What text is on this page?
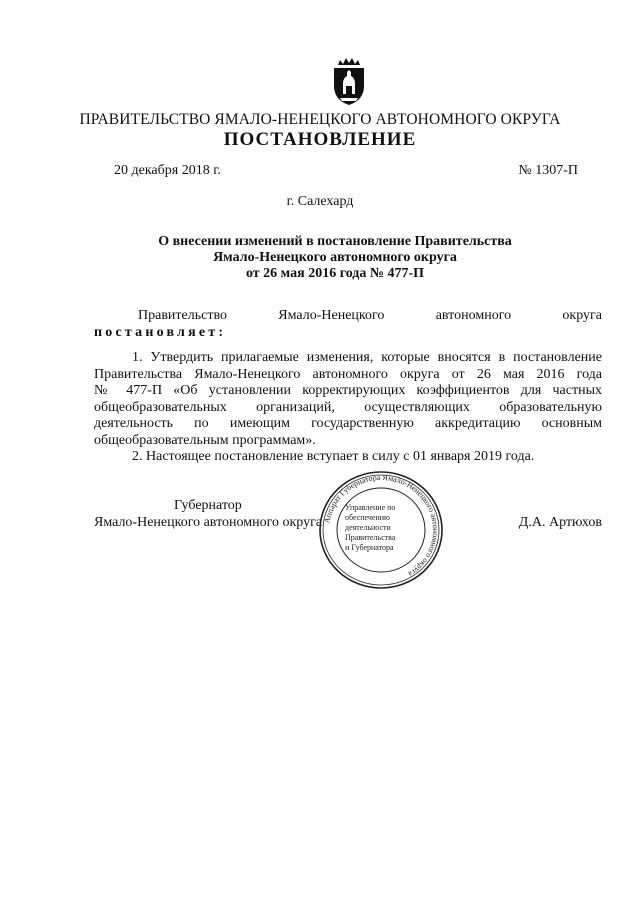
ПРАВИТЕЛЬСТВО ЯМАЛО-НЕНЕЦКОГО АВТОНОМНОГО ОКРУГА
ПОСТАНОВЛЕНИЕ
20 декабря 2018 г.	№ 1307-П
г. Салехард
О внесении изменений в постановление Правительства
Ямало-Ненецкого автономного округа
от 26 мая 2016 года № 477-П
Правительство	Ямало-Ненецкого	автономного	округа
постановляет:
1. Утвердить прилагаемые изменения, которые вносятся в постановление
Правительства Ямало-Ненецкого автономного округа от 26 мая 2016 года
№ 477-П «Об установлении корректирующих коэффициентов для частных
общеобразовательных организаций, осуществляющих образовательную
деятельность по имеющим государственную аккредитацию основным
общеобразовательным программам».
2. Настоящее постановление вступает в силу с 01 января 2019 года.
Губернатор
Ямало-Ненецкого автономного округа	Д.А. Артюхов
Аппарат Губернатора Ямало-Ненецкого автономного округа
Управление по
обеспечению
деятельности
Правительства
и Губернатора
